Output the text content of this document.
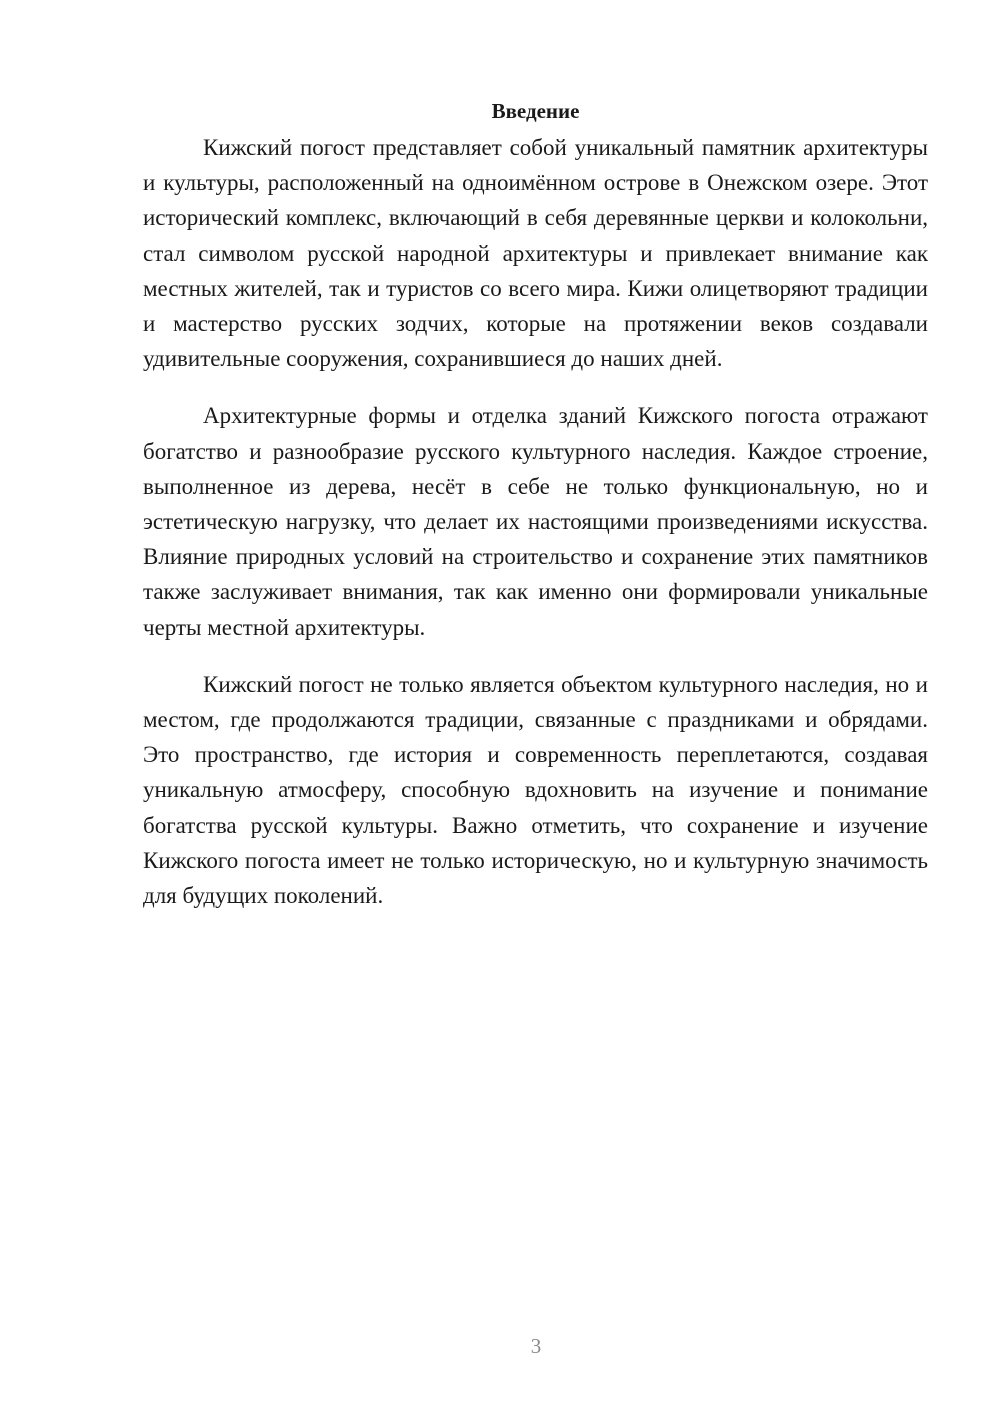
Введение

Кижский погост представляет собой уникальный памятник архитектуры и культуры, расположенный на одноимённом острове в Онежском озере. Этот исторический комплекс, включающий в себя деревянные церкви и колокольни, стал символом русской народной архитектуры и привлекает внимание как местных жителей, так и туристов со всего мира. Кижи олицетворяют традиции и мастерство русских зодчих, которые на протяжении веков создавали удивительные сооружения, сохранившиеся до наших дней.

Архитектурные формы и отделка зданий Кижского погоста отражают богатство и разнообразие русского культурного наследия. Каждое строение, выполненное из дерева, несёт в себе не только функциональную, но и эстетическую нагрузку, что делает их настоящими произведениями искусства. Влияние природных условий на строительство и сохранение этих памятников также заслуживает внимания, так как именно они формировали уникальные черты местной архитектуры.

Кижский погост не только является объектом культурного наследия, но и местом, где продолжаются традиции, связанные с праздниками и обрядами. Это пространство, где история и современность переплетаются, создавая уникальную атмосферу, способную вдохновить на изучение и понимание богатства русской культуры. Важно отметить, что сохранение и изучение Кижского погоста имеет не только историческую, но и культурную значимость для будущих поколений.

3
